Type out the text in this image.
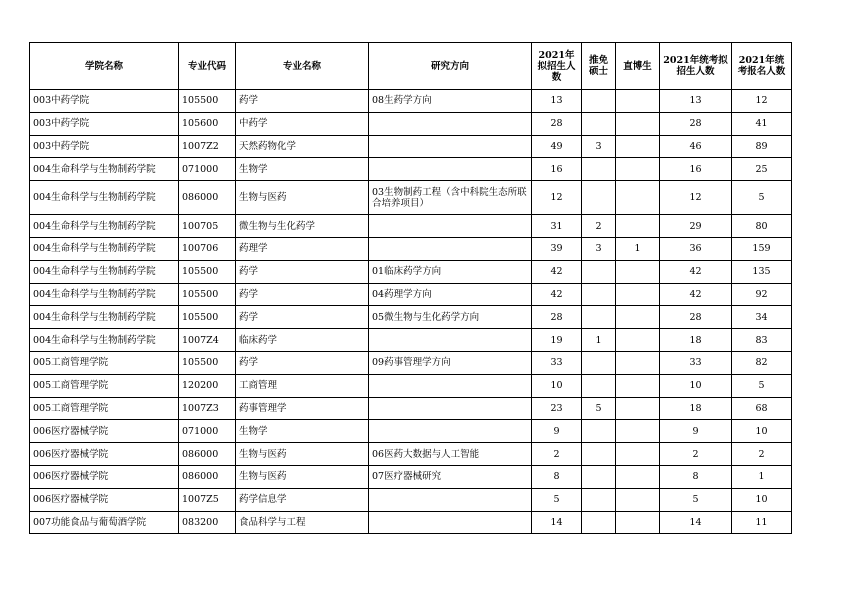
学院名称	专业代码	专业名称	研究方向	2021年拟招生人数	推免硕士	直博生	2021年统考拟招生人数	2021年统考报名人数
003中药学院	105500	药学	08生药学方向	13			13	12
003中药学院	105600	中药学		28			28	41
003中药学院	1007Z2	天然药物化学		49	3		46	89
004生命科学与生物制药学院	071000	生物学		16			16	25
004生命科学与生物制药学院	086000	生物与医药	03生物制药工程（含中科院生态所联合培养项目）	12			12	5
004生命科学与生物制药学院	100705	微生物与生化药学		31	2		29	80
004生命科学与生物制药学院	100706	药理学		39	3	1	36	159
004生命科学与生物制药学院	105500	药学	01临床药学方向	42			42	135
004生命科学与生物制药学院	105500	药学	04药理学方向	42			42	92
004生命科学与生物制药学院	105500	药学	05微生物与生化药学方向	28			28	34
004生命科学与生物制药学院	1007Z4	临床药学		19	1		18	83
005工商管理学院	105500	药学	09药事管理学方向	33			33	82
005工商管理学院	120200	工商管理		10			10	5
005工商管理学院	1007Z3	药事管理学		23	5		18	68
006医疗器械学院	071000	生物学		9			9	10
006医疗器械学院	086000	生物与医药	06医药大数据与人工智能	2			2	2
006医疗器械学院	086000	生物与医药	07医疗器械研究	8			8	1
006医疗器械学院	1007Z5	药学信息学		5			5	10
007功能食品与葡萄酒学院	083200	食品科学与工程		14			14	11
